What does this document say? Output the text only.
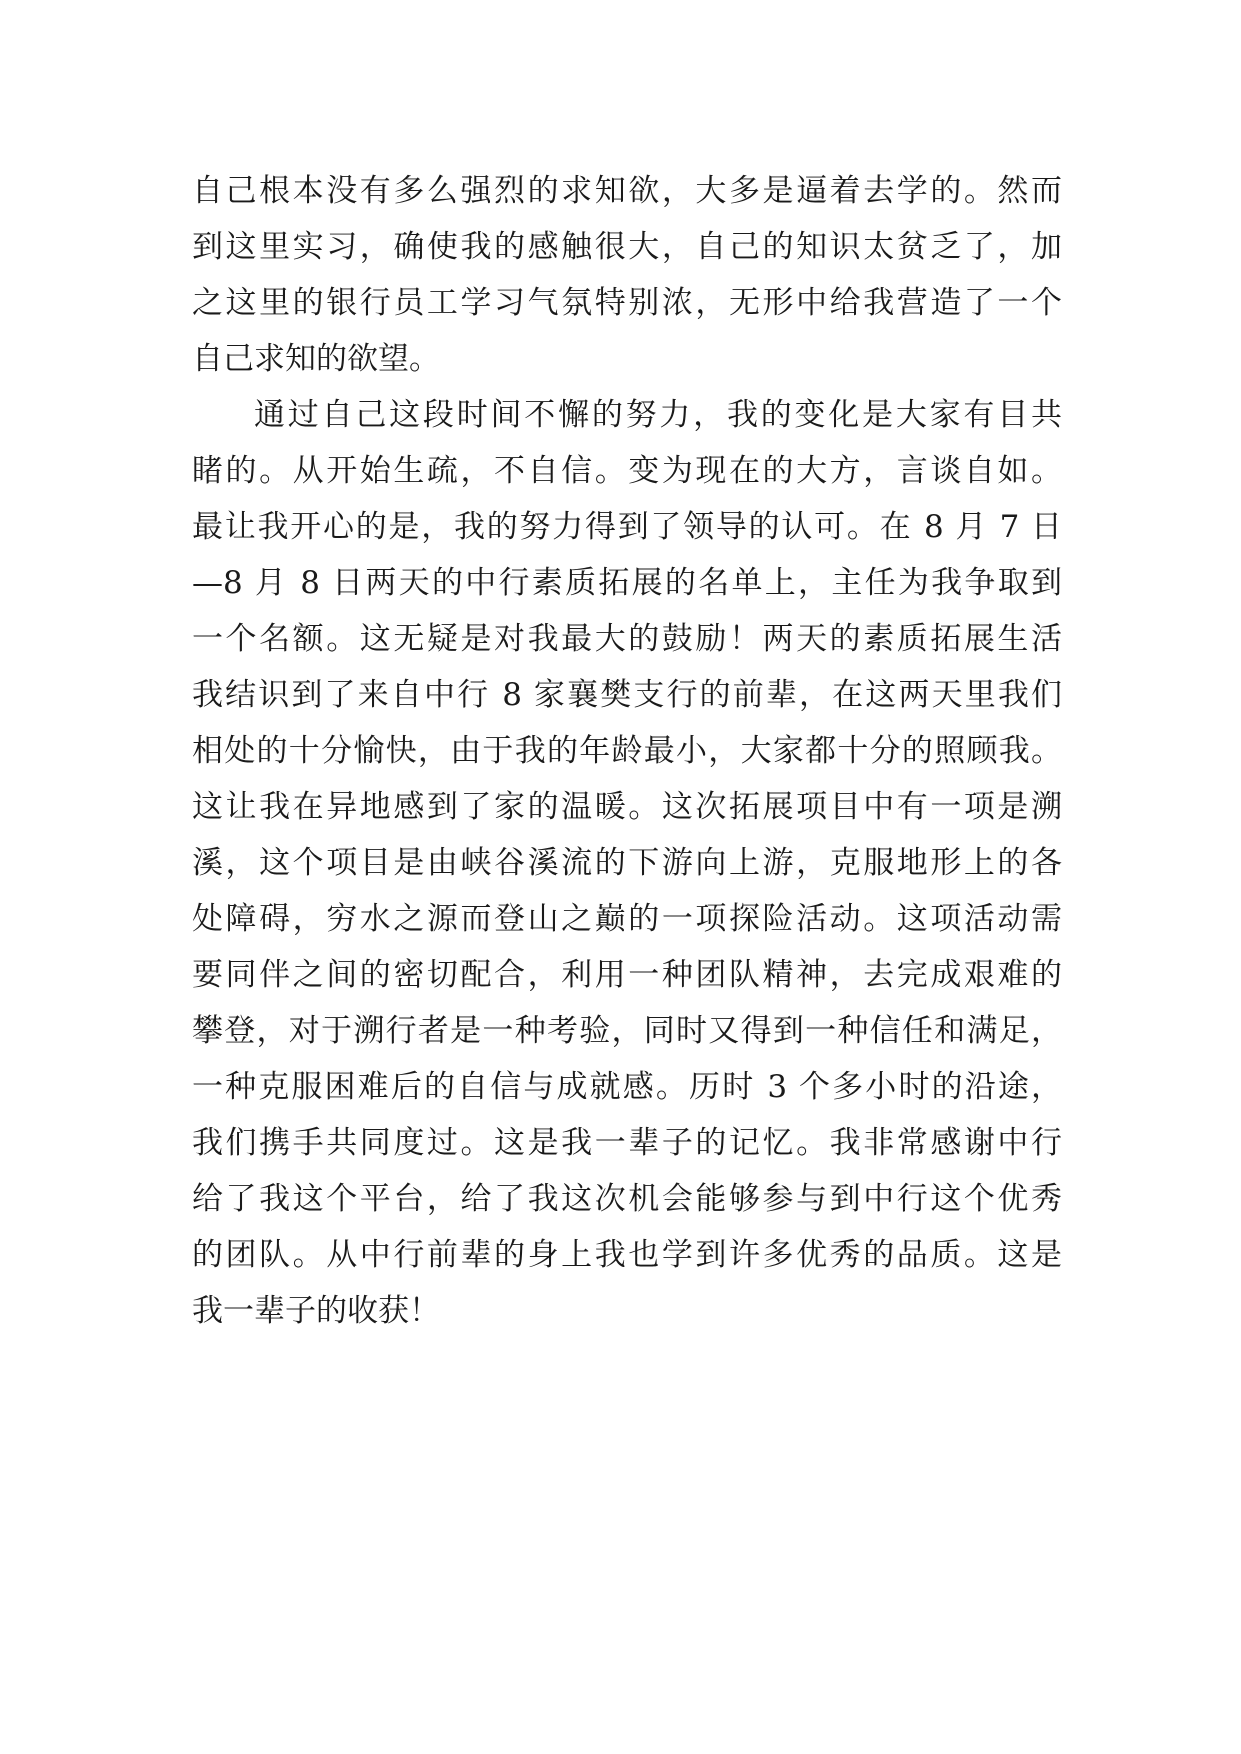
自己根本没有多么强烈的求知欲，大多是逼着去学的。然而
到这里实习，确使我的感触很大，自己的知识太贫乏了，加
之这里的银行员工学习气氛特别浓，无形中给我营造了一个
自己求知的欲望。
通过自己这段时间不懈的努力，我的变化是大家有目共
睹的。从开始生疏，不自信。变为现在的大方，言谈自如。
最让我开心的是，我的努力得到了领导的认可。在 8 月 7 日
—8 月 8 日两天的中行素质拓展的名单上，主任为我争取到
一个名额。这无疑是对我最大的鼓励！两天的素质拓展生活
我结识到了来自中行 8 家襄樊支行的前辈，在这两天里我们
相处的十分愉快，由于我的年龄最小，大家都十分的照顾我。
这让我在异地感到了家的温暖。这次拓展项目中有一项是溯
溪，这个项目是由峡谷溪流的下游向上游，克服地形上的各
处障碍，穷水之源而登山之巅的一项探险活动。这项活动需
要同伴之间的密切配合，利用一种团队精神，去完成艰难的
攀登，对于溯行者是一种考验，同时又得到一种信任和满足，
一种克服困难后的自信与成就感。历时 3 个多小时的沿途，
我们携手共同度过。这是我一辈子的记忆。我非常感谢中行
给了我这个平台，给了我这次机会能够参与到中行这个优秀
的团队。从中行前辈的身上我也学到许多优秀的品质。这是
我一辈子的收获！
